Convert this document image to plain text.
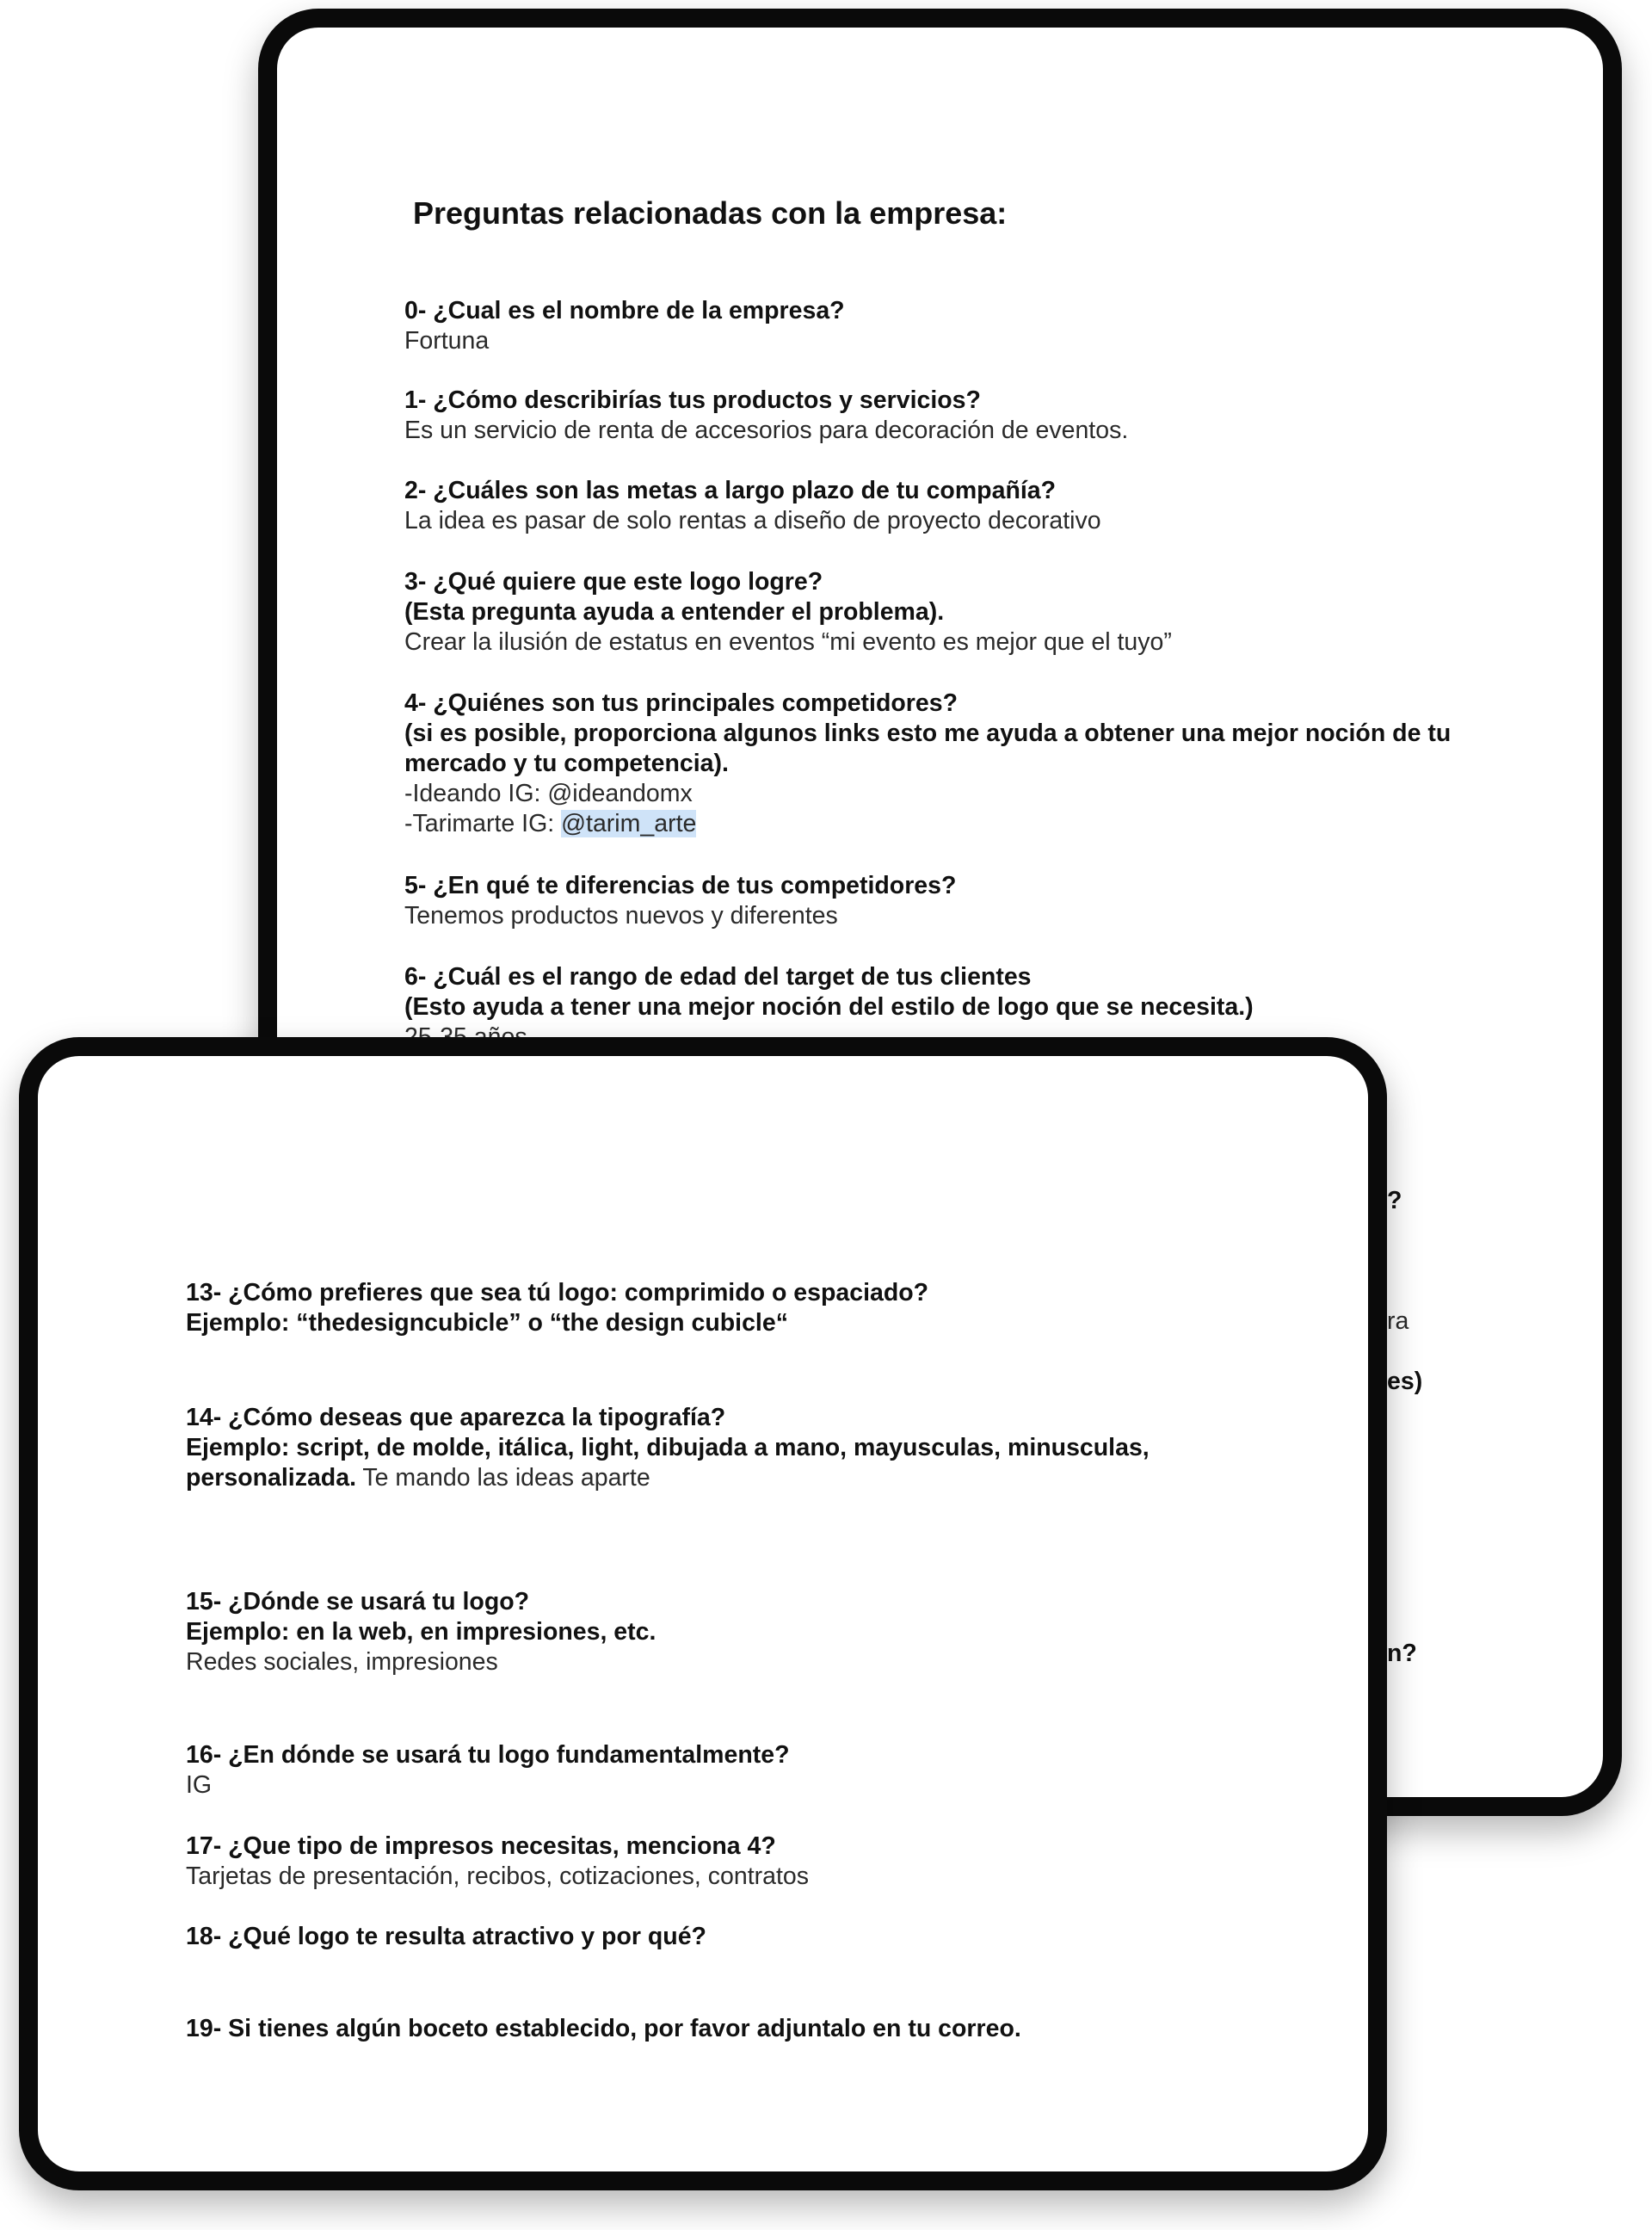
Preguntas relacionadas con la empresa:
0- ¿Cual es el nombre de la empresa?
Fortuna
1- ¿Cómo describirías tus productos y servicios?
Es un servicio de renta de accesorios para decoración de eventos.
2- ¿Cuáles son las metas a largo plazo de tu compañía?
La idea es pasar de solo rentas a diseño de proyecto decorativo
3- ¿Qué quiere que este logo logre?
(Esta pregunta ayuda a entender el problema).
Crear la ilusión de estatus en eventos “mi evento es mejor que el tuyo”
4- ¿Quiénes son tus principales competidores?
(si es posible, proporciona algunos links esto me ayuda a obtener una mejor noción de tu
mercado y tu competencia).
-Ideando IG: @ideandomx
-Tarimarte IG: @tarim_arte
5- ¿En qué te diferencias de tus competidores?
Tenemos productos nuevos y diferentes
6- ¿Cuál es el rango de edad del target de tus clientes
(Esto ayuda a tener una mejor noción del estilo de logo que se necesita.)
?
ra
es)
n?
13- ¿Cómo prefieres que sea tú logo: comprimido o espaciado?
Ejemplo: “thedesigncubicle” o “the design cubicle“
14- ¿Cómo deseas que aparezca la tipografía?
Ejemplo: script, de molde, itálica, light, dibujada a mano, mayusculas, minusculas,
personalizada. Te mando las ideas aparte
15- ¿Dónde se usará tu logo?
Ejemplo: en la web, en impresiones, etc.
Redes sociales, impresiones
16- ¿En dónde se usará tu logo fundamentalmente?
IG
17- ¿Que tipo de impresos necesitas, menciona 4?
Tarjetas de presentación, recibos, cotizaciones, contratos
18- ¿Qué logo te resulta atractivo y por qué?
19- Si tienes algún boceto establecido, por favor adjuntalo en tu correo.
